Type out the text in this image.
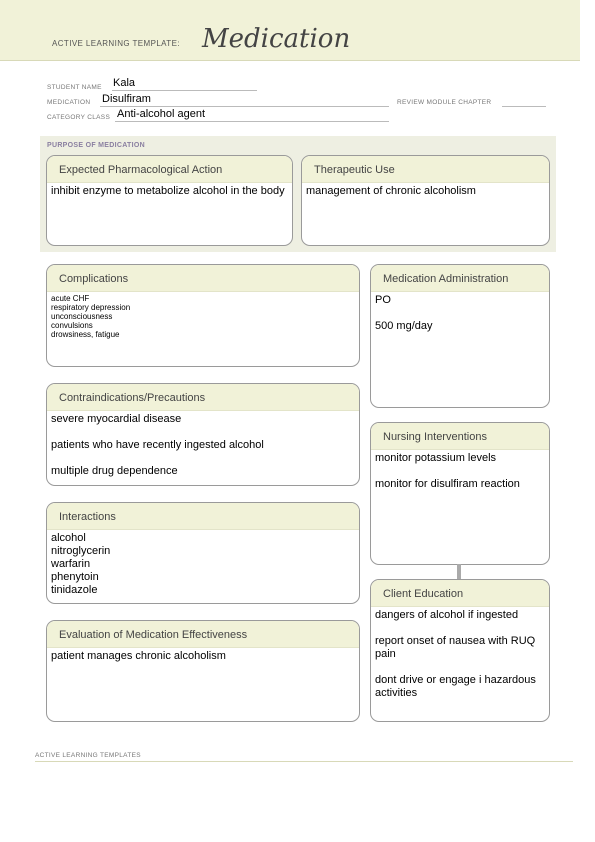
ACTIVE LEARNING TEMPLATE: Medication
STUDENT NAME Kala
MEDICATION Disulfiram	REVIEW MODULE CHAPTER
CATEGORY CLASS Anti-alcohol agent
PURPOSE OF MEDICATION
Expected Pharmacological Action
inhibit enzyme to metabolize alcohol in the body
Therapeutic Use
management of chronic alcoholism
Complications
acute CHF
respiratory depression
unconsciousness
convulsions
drowsiness, fatigue
Medication Administration
PO
500 mg/day
Contraindications/Precautions
severe myocardial disease
patients who have recently ingested alcohol
multiple drug dependence
Nursing Interventions
monitor potassium levels
monitor for disulfiram reaction
Interactions
alcohol
nitroglycerin
warfarin
phenytoin
tinidazole	Client Education
dangers of alcohol if ingested
report onset of nausea with RUQ pain
dont drive or engage i hazardous activities
Evaluation of Medication Effectiveness
patient manages chronic alcoholism
ACTIVE LEARNING TEMPLATES
